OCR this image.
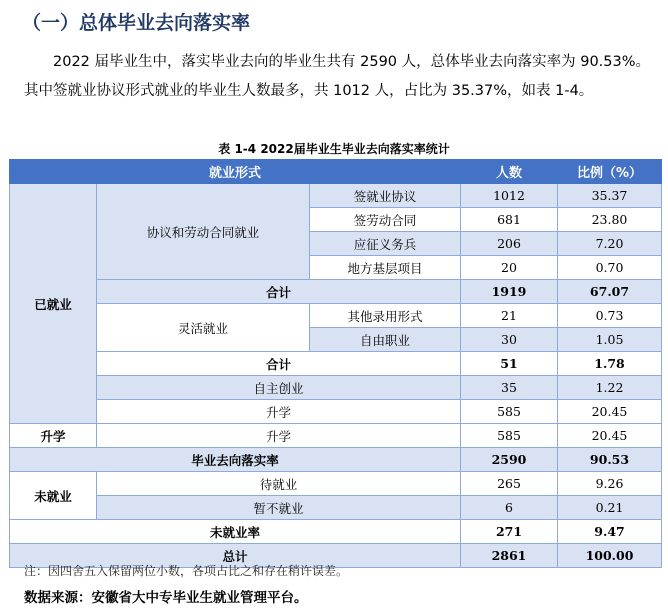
（一）总体毕业去向落实率
2022 届毕业生中，落实毕业去向的毕业生共有 2590 人，总体毕业去向落实率为 90.53%。其中签就业协议形式就业的毕业生人数最多，共 1012 人，占比为 35.37%，如表 1-4。
表 1-4 2022届毕业生毕业去向落实率统计
就业形式			人数	比例（%）
已就业	协议和劳动合同就业	签就业协议	1012	35.37
		签劳动合同	681	23.80
		应征义务兵	206	7.20
		地方基层项目	20	0.70
	合计		1919	67.07
	灵活就业	其他录用形式	21	0.73
		自由职业	30	1.05
	合计		51	1.78
	自主创业		35	1.22
	升学		585	20.45
升学	升学		585	20.45
毕业去向落实率			2590	90.53
未就业	待就业		265	9.26
	暂不就业		6	0.21
未就业率			271	9.47
总计			2861	100.00
注：因四舍五入保留两位小数，各项占比之和存在稍许误差。
数据来源：安徽省大中专毕业生就业管理平台。
